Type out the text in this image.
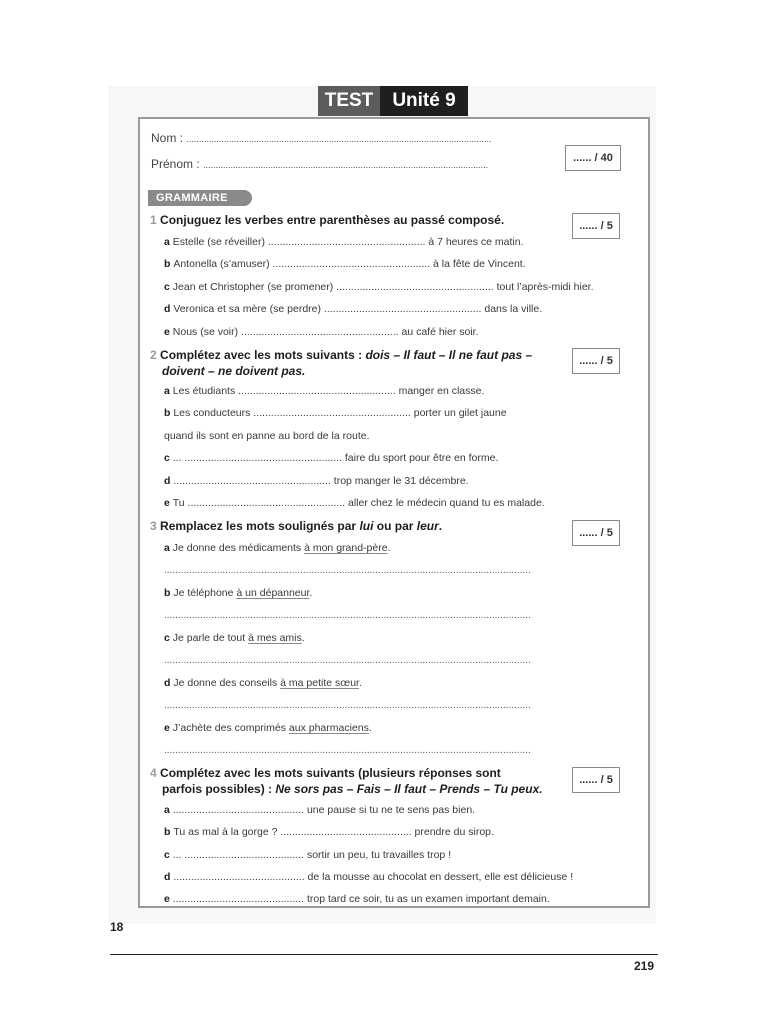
TEST	Unité 9
Nom : ..........................................................................................................................
Prénom : ..................................................................................................................
...... / 40
GRAMMAIRE
1 Conjuguez les verbes entre parenthèses au passé composé.	...... / 5
a Estelle (se réveiller) ...................................................... à 7 heures ce matin.
b Antonella (s’amuser) ...................................................... à la fête de Vincent.
c Jean et Christopher (se promener) ...................................................... tout l’après-midi hier.
d Veronica et sa mère (se perdre) ...................................................... dans la ville.
e Nous (se voir) ...................................................... au café hier soir.
2 Complétez avec les mots suivants : dois – Il faut – Il ne faut pas –
doivent – ne doivent pas.
...... / 5
a Les étudiants ...................................................... manger en classe.
b Les conducteurs ...................................................... porter un gilet jaune
quand ils sont en panne au bord de la route.
c ... ...................................................... faire du sport pour être en forme.
d ...................................................... trop manger le 31 décembre.
e Tu ...................................................... aller chez le médecin quand tu es malade.
3 Remplacez les mots soulignés par lui ou par leur.	...... / 5
a Je donne des médicaments à mon grand-père.
....................................................................................................................................
b Je téléphone à un dépanneur.
....................................................................................................................................
c Je parle de tout à mes amis.
....................................................................................................................................
d Je donne des conseils à ma petite sœur.
....................................................................................................................................
e J’achète des comprimés aux pharmaciens.
....................................................................................................................................
4 Complétez avec les mots suivants (plusieurs réponses sont
parfois possibles) : Ne sors pas – Fais – Il faut – Prends – Tu peux.
...... / 5
a ............................................. une pause si tu ne te sens pas bien.
b Tu as mal à la gorge ? ............................................. prendre du sirop.
c ... ......................................... sortir un peu, tu travailles trop !
d ............................................. de la mousse au chocolat en dessert, elle est délicieuse !
e ............................................. trop tard ce soir, tu as un examen important demain.
18
219
